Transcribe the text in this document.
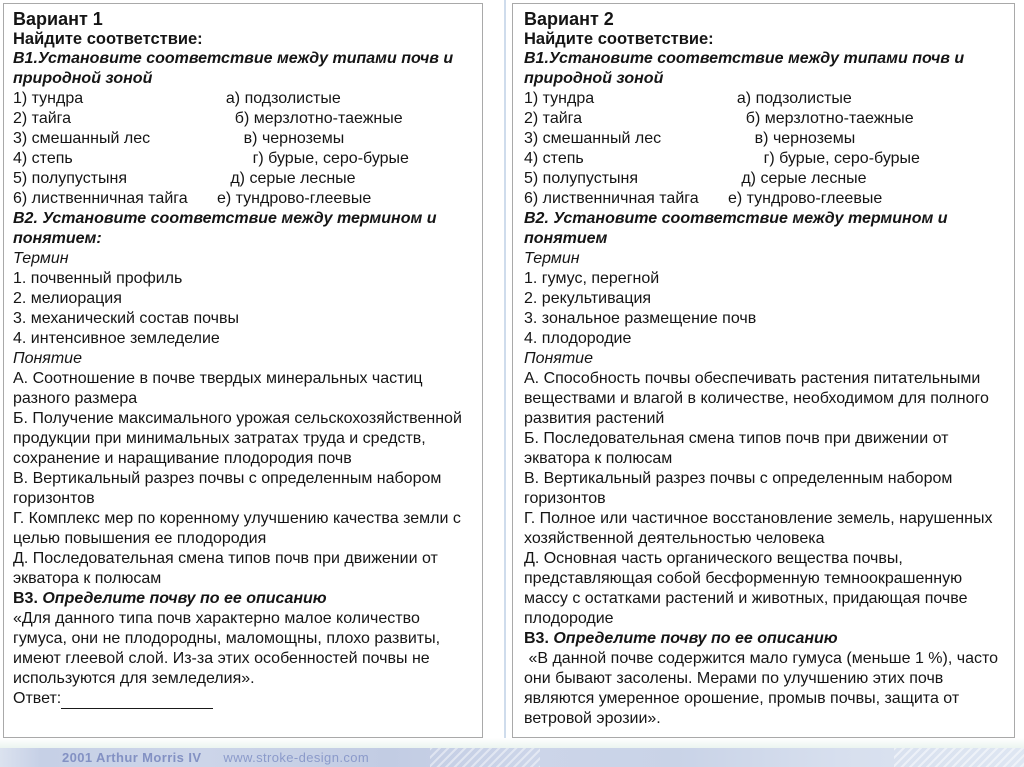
Вариант 1
Найдите соответствие:
В1.Установите соответствие между типами почв и природной зоной
1) тундра	а) подзолистые
2) тайга	б) мерзлотно-таежные
3) смешанный лес	в) черноземы
4) степь	г) бурые, серо-бурые
5) полупустыня	д) серые лесные
6) лиственничная тайга	е) тундрово-глеевые
В2. Установите соответствие между термином и понятием:
Термин
1. почвенный профиль
2. мелиорация
3. механический состав почвы
4. интенсивное земледелие
Понятие
А. Соотношение в почве твердых минеральных частиц разного размера
Б. Получение максимального урожая сельскохозяйственной продукции при минимальных затратах труда и средств, сохранение и наращивание плодородия почв
В. Вертикальный разрез почвы с определенным набором горизонтов
Г. Комплекс мер по коренному улучшению качества земли с целью повышения ее плодородия
Д. Последовательная смена типов почв при движении от экватора к полюсам
В3. Определите почву по ее описанию
«Для данного типа почв характерно малое количество гумуса, они не плодородны, маломощны, плохо развиты, имеют глеевой слой. Из-за этих особенностей почвы не используются для земледелия».
Ответ:
Вариант 2
Найдите соответствие:
В1.Установите соответствие между типами почв и природной зоной
1) тундра	а) подзолистые
2) тайга	б) мерзлотно-таежные
3) смешанный лес	в) черноземы
4) степь	г) бурые, серо-бурые
5) полупустыня	д) серые лесные
6) лиственничная тайга	е) тундрово-глеевые
В2. Установите соответствие между термином и понятием
Термин
1. гумус, перегной
2. рекультивация
3. зональное размещение почв
4. плодородие
Понятие
А. Способность почвы обеспечивать растения питательными веществами и влагой в количестве, необходимом для полного развития растений
Б. Последовательная смена типов почв при движении от экватора к полюсам
В. Вертикальный разрез почвы с определенным набором горизонтов
Г. Полное или частичное восстановление земель, нарушенных хозяйственной деятельностью человека
Д. Основная часть органического вещества почвы, представляющая собой бесформенную темноокрашенную массу с остатками растений и животных, придающая почве плодородие
В3. Определите почву по ее описанию
«В данной почве содержится мало гумуса (меньше 1 %), часто они бывают засолены. Мерами по улучшению этих почв являются умеренное орошение, промыв почвы, защита от ветровой эрозии».
2001 Arthur Morris IV www.stroke-design.com
